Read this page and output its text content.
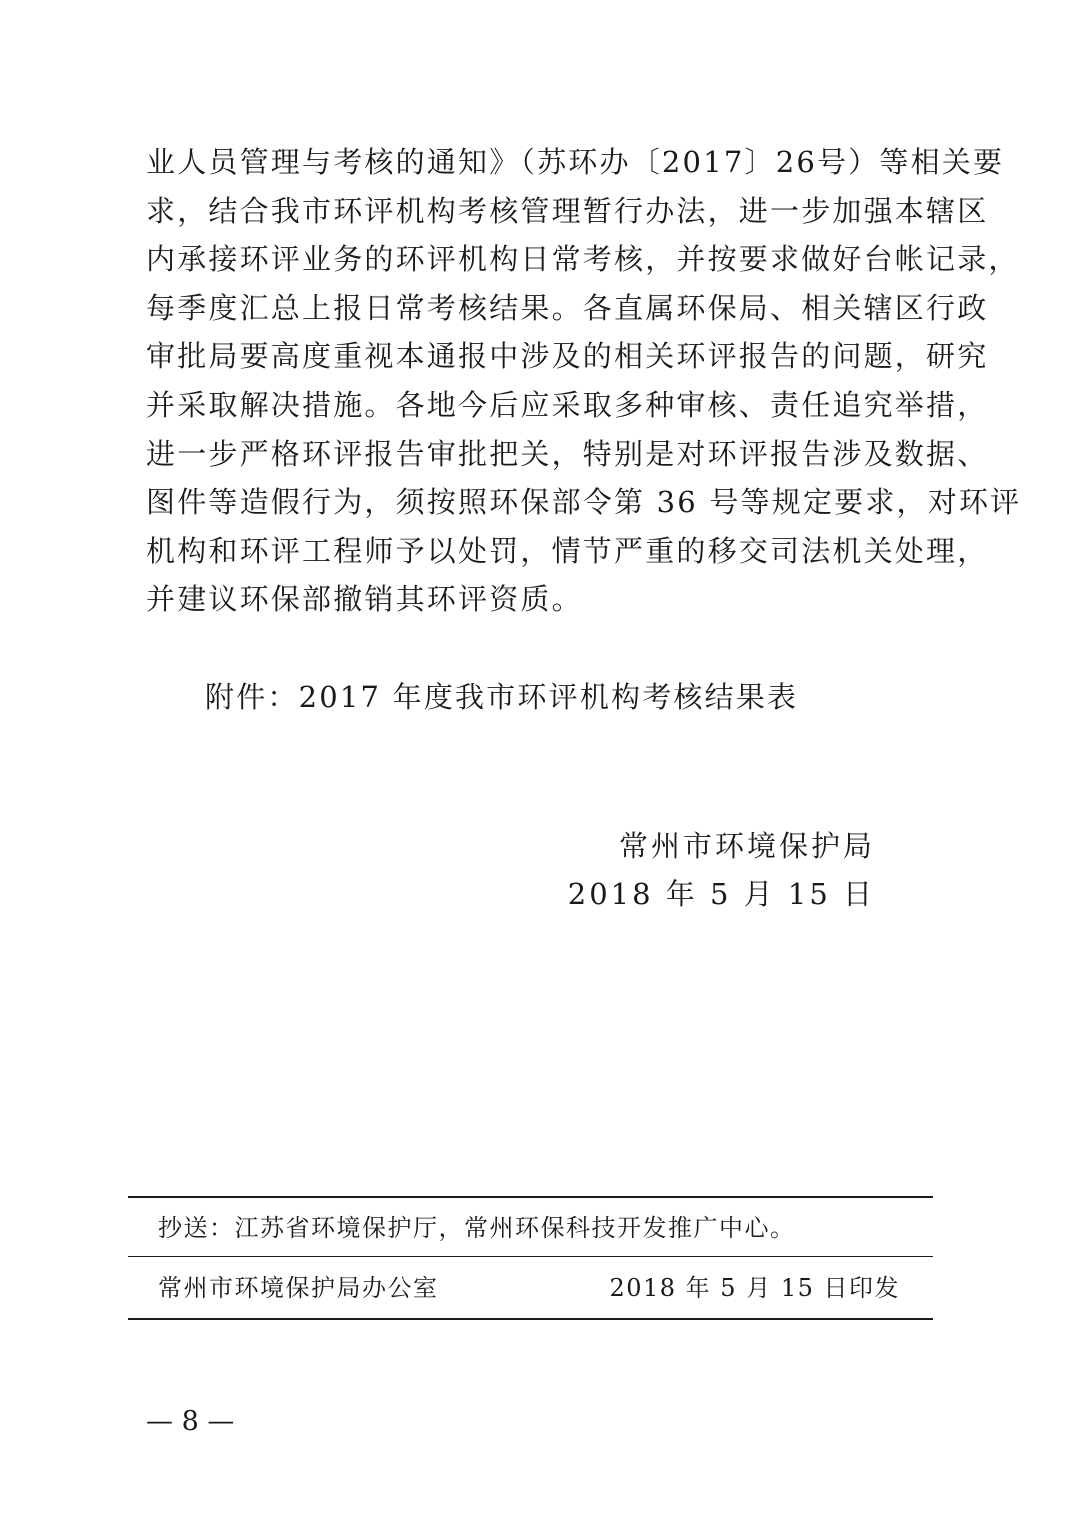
业人员管理与考核的通知》（苏环办〔2017〕26号）等相关要
求，结合我市环评机构考核管理暂行办法，进一步加强本辖区
内承接环评业务的环评机构日常考核，并按要求做好台帐记录，
每季度汇总上报日常考核结果。各直属环保局、相关辖区行政
审批局要高度重视本通报中涉及的相关环评报告的问题，研究
并采取解决措施。各地今后应采取多种审核、责任追究举措，
进一步严格环评报告审批把关，特别是对环评报告涉及数据、
图件等造假行为，须按照环保部令第 36 号等规定要求，对环评
机构和环评工程师予以处罚，情节严重的移交司法机关处理，
并建议环保部撤销其环评资质。
附件：2017 年度我市环评机构考核结果表
常州市环境保护局
2018 年 5 月 15 日
抄送：江苏省环境保护厅，常州环保科技开发推广中心。
常州市环境保护局办公室	2018 年 5 月 15 日印发
— 8 —
